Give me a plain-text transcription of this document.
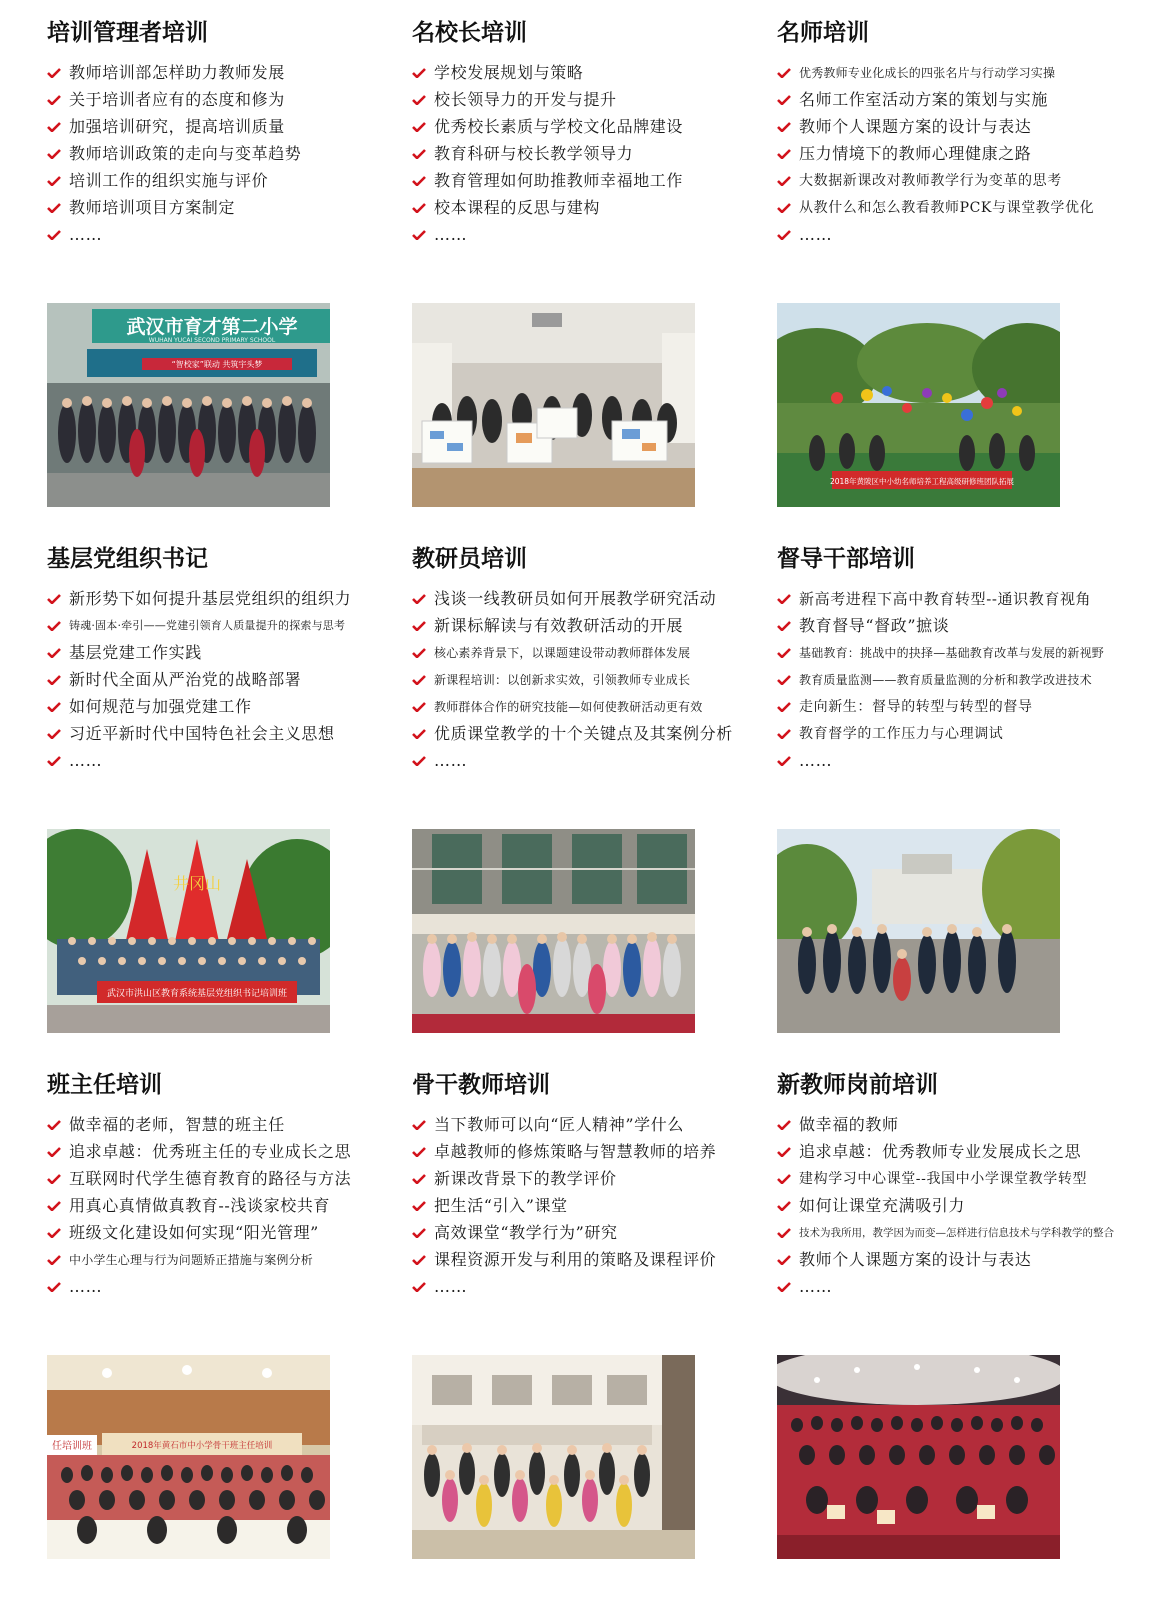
培训管理者培训
教师培训部怎样助力教师发展
关于培训者应有的态度和修为
加强培训研究，提高培训质量
教师培训政策的走向与变革趋势
培训工作的组织实施与评价
教师培训项目方案制定
……
武汉市育才第二小学
WUHAN YUCAI SECOND PRIMARY SCHOOL
“智校家”联动 共筑宇头梦
名校长培训
学校发展规划与策略
校长领导力的开发与提升
优秀校长素质与学校文化品牌建设
教育科研与校长教学领导力
教育管理如何助推教师幸福地工作
校本课程的反思与建构
……
名师培训
优秀教师专业化成长的四张名片与行动学习实操
名师工作室活动方案的策划与实施
教师个人课题方案的设计与表达
压力情境下的教师心理健康之路
大数据新课改对教师教学行为变革的思考
从教什么和怎么教看教师PCK与课堂教学优化
……
2018年黄陂区中小幼名师培养工程高级研修班团队拓展
基层党组织书记
新形势下如何提升基层党组织的组织力
铸魂·固本·牵引——党建引领育人质量提升的探索与思考
基层党建工作实践
新时代全面从严治党的战略部署
如何规范与加强党建工作
习近平新时代中国特色社会主义思想
……
井冈山
武汉市洪山区教育系统基层党组织书记培训班
教研员培训
浅谈一线教研员如何开展教学研究活动
新课标解读与有效教研活动的开展
核心素养背景下，以课题建设带动教师群体发展
新课程培训：以创新求实效，引领教师专业成长
教师群体合作的研究技能—如何使教研活动更有效
优质课堂教学的十个关键点及其案例分析
……
督导干部培训
新高考进程下高中教育转型--通识教育视角
教育督导“督政”摭谈
基础教育：挑战中的抉择—基础教育改革与发展的新视野
教育质量监测——教育质量监测的分析和教学改进技术
走向新生：督导的转型与转型的督导
教育督学的工作压力与心理调试
……
班主任培训
做幸福的老师，智慧的班主任
追求卓越：优秀班主任的专业成长之思
互联网时代学生德育教育的路径与方法
用真心真情做真教育--浅谈家校共育
班级文化建设如何实现“阳光管理”
中小学生心理与行为问题矫正措施与案例分析
……
任培训班	2018年黄石市中小学骨干班主任培训
骨干教师培训
当下教师可以向“匠人精神”学什么
卓越教师的修炼策略与智慧教师的培养
新课改背景下的教学评价
把生活“引入”课堂
高效课堂“教学行为”研究
课程资源开发与利用的策略及课程评价
……
新教师岗前培训
做幸福的教师
追求卓越：优秀教师专业发展成长之思
建构学习中心课堂--我国中小学课堂教学转型
如何让课堂充满吸引力
技术为我所用，教学因为而变—怎样进行信息技术与学科教学的整合
教师个人课题方案的设计与表达
……
